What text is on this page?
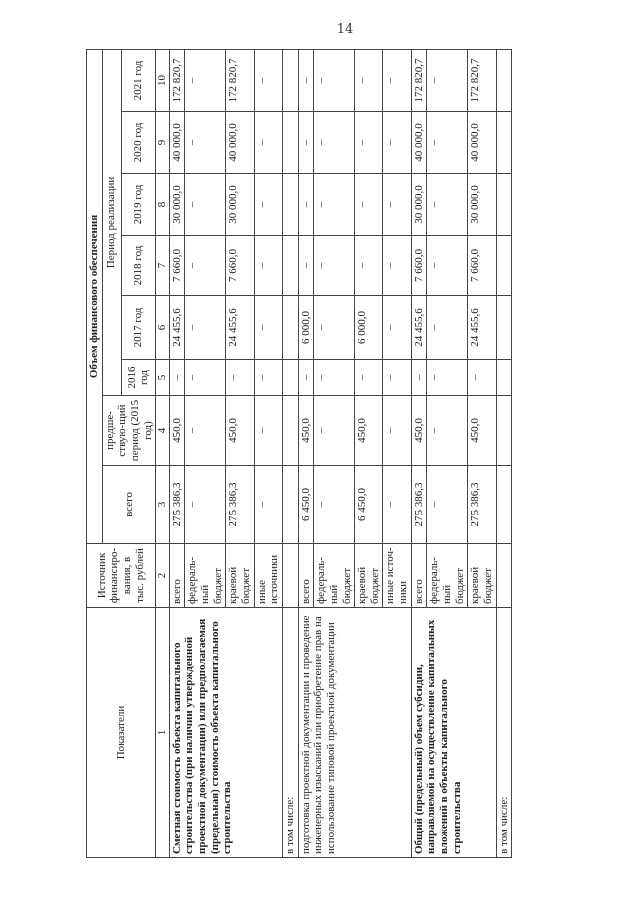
14
Показатели	Источник финансиро-вания, в тыс. рублей	Объем финансового обеспечения							
		всего	предше-ствую-щий период (2015 год)	Период реализации					
				2016 год	2017 год	2018 год	2019 год	2020 год	2021 год
1	2	3	4	5	6	7	8	9	10
Сметная стоимость объекта капитального строительства (при наличии утвержденной проектной документации) или предполагаемая (предельная) стоимость объекта капитального строительства	всего	275 386,3	450,0	–	24 455,6	7 660,0	30 000,0	40 000,0	172 820,7
	федераль-ный бюджет	–	–	–	–	–	–	–	–
	краевой бюджет	275 386,3	450,0	–	24 455,6	7 660,0	30 000,0	40 000,0	172 820,7
	иные источники	–	–	–	–	–	–	–	–
в том числе:									
подготовка проектной документации и проведение инженерных изысканий или приобретение прав на использование типовой проектной документации	всего	6 450,0	450,0	–	6 000,0	–	–	–	–
	федераль-ный бюджет	–	–	–	–	–	–	–	–
	краевой бюджет	6 450,0	450,0	–	6 000,0	–	–	–	–
	иные источ-ники	–	–	–	–	–	–	–	–
Общий (предельный) объем субсидии, направляемой на осуществление капитальных вложений в объекты капитального строительства	всего	275 386,3	450,0	–	24 455,6	7 660,0	30 000,0	40 000,0	172 820,7
	федераль-ный бюджет	–	–	–	–	–	–	–	–
	краевой бюджет	275 386,3	450,0	–	24 455,6	7 660,0	30 000,0	40 000,0	172 820,7
в том числе:									
